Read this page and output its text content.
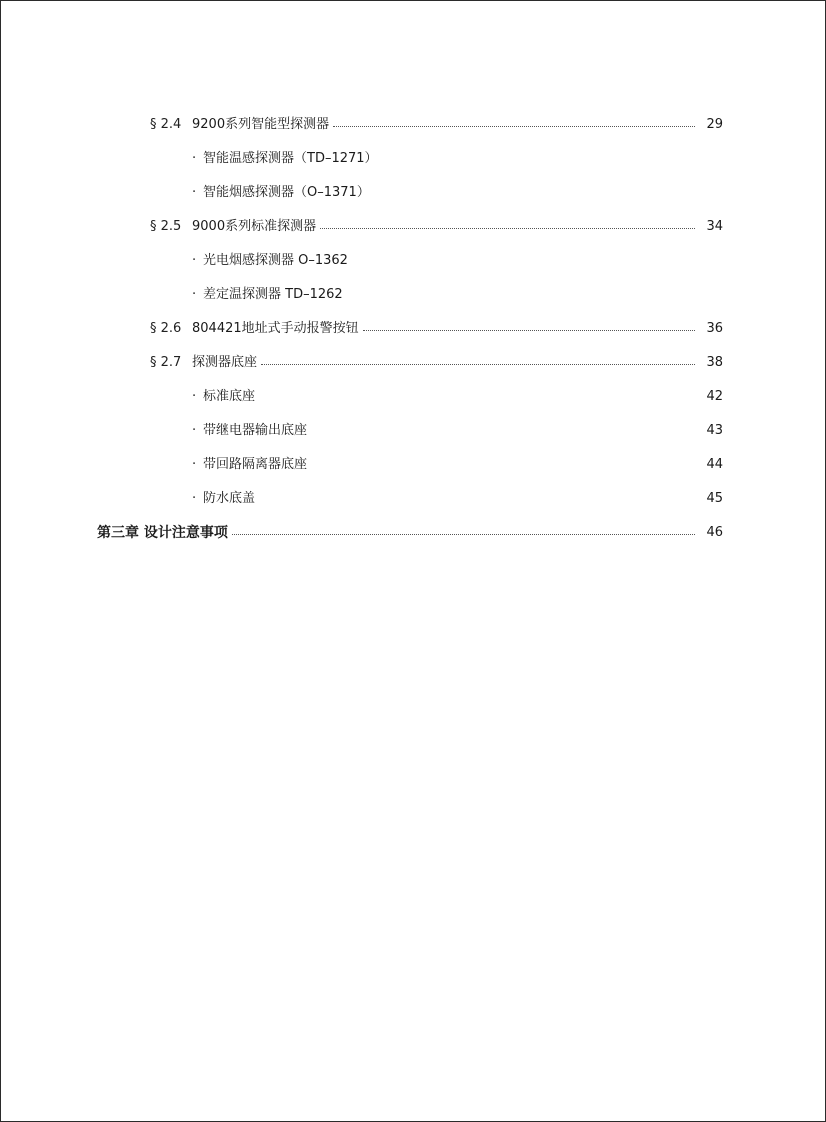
§ 2.4 9200系列智能型探测器	29
· 智能温感探测器（TD–1271）
· 智能烟感探测器（O–1371）
§ 2.5 9000系列标准探测器	34
· 光电烟感探测器 O–1362
· 差定温探测器 TD–1262
§ 2.6 804421地址式手动报警按钮	36
§ 2.7 探测器底座	38
· 标准底座	42
· 带继电器输出底座	43
· 带回路隔离器底座	44
· 防水底盖	45
第三章 设计注意事项	46
